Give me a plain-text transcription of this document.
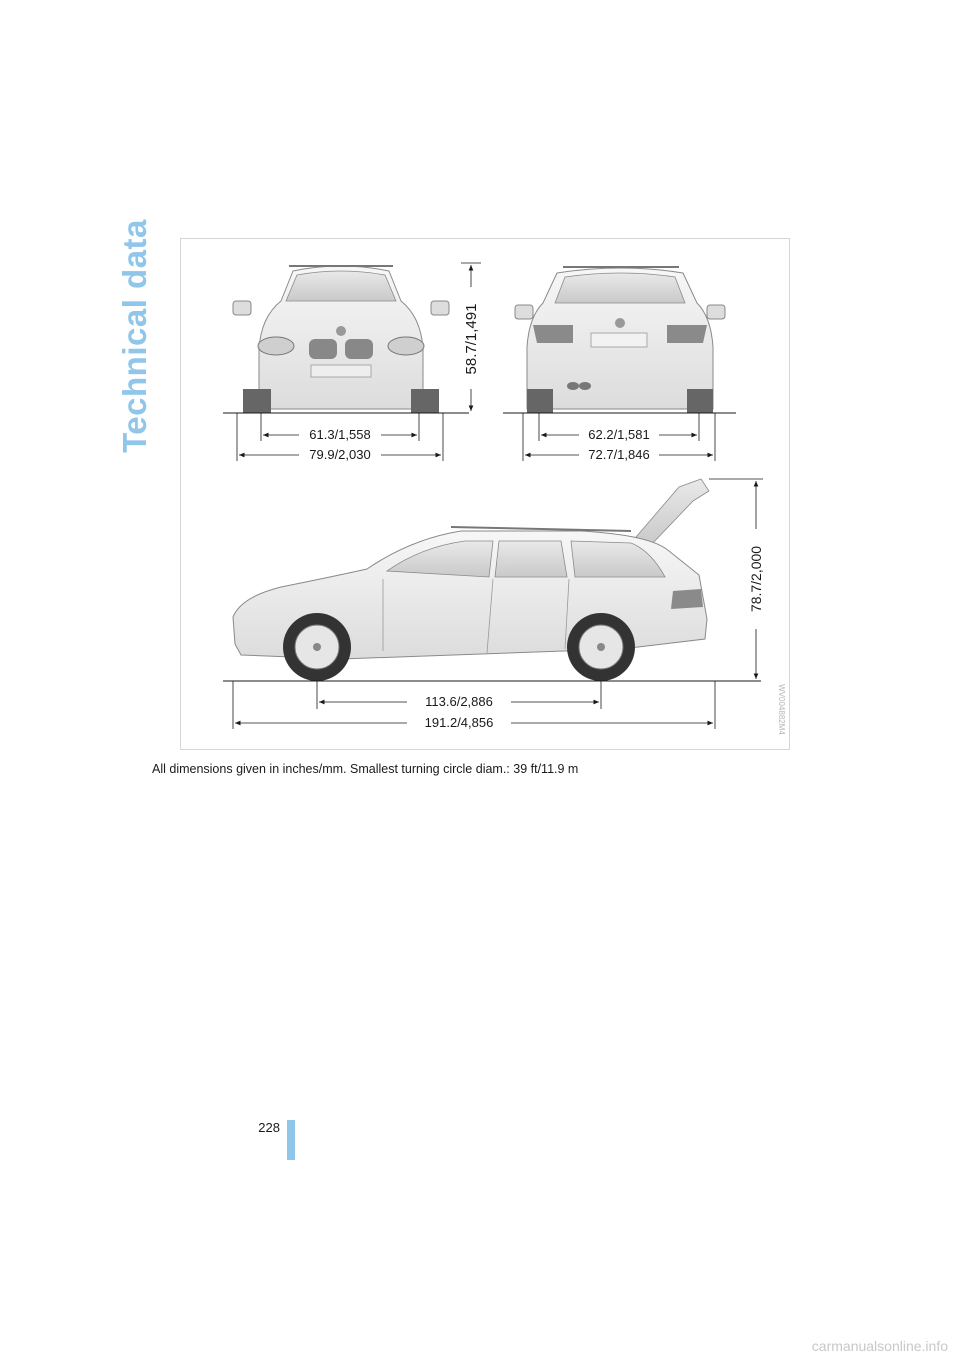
Technical data	58.7/1,491
61.3/1,558
79.9/2,030
62.2/1,581
72.7/1,846
78.7/2,000
113.6/2,886
191.2/4,856	WV004882M4
All dimensions given in inches/mm. Smallest turning circle diam.: 39 ft/11.9 m
228
carmanualsonline.info
